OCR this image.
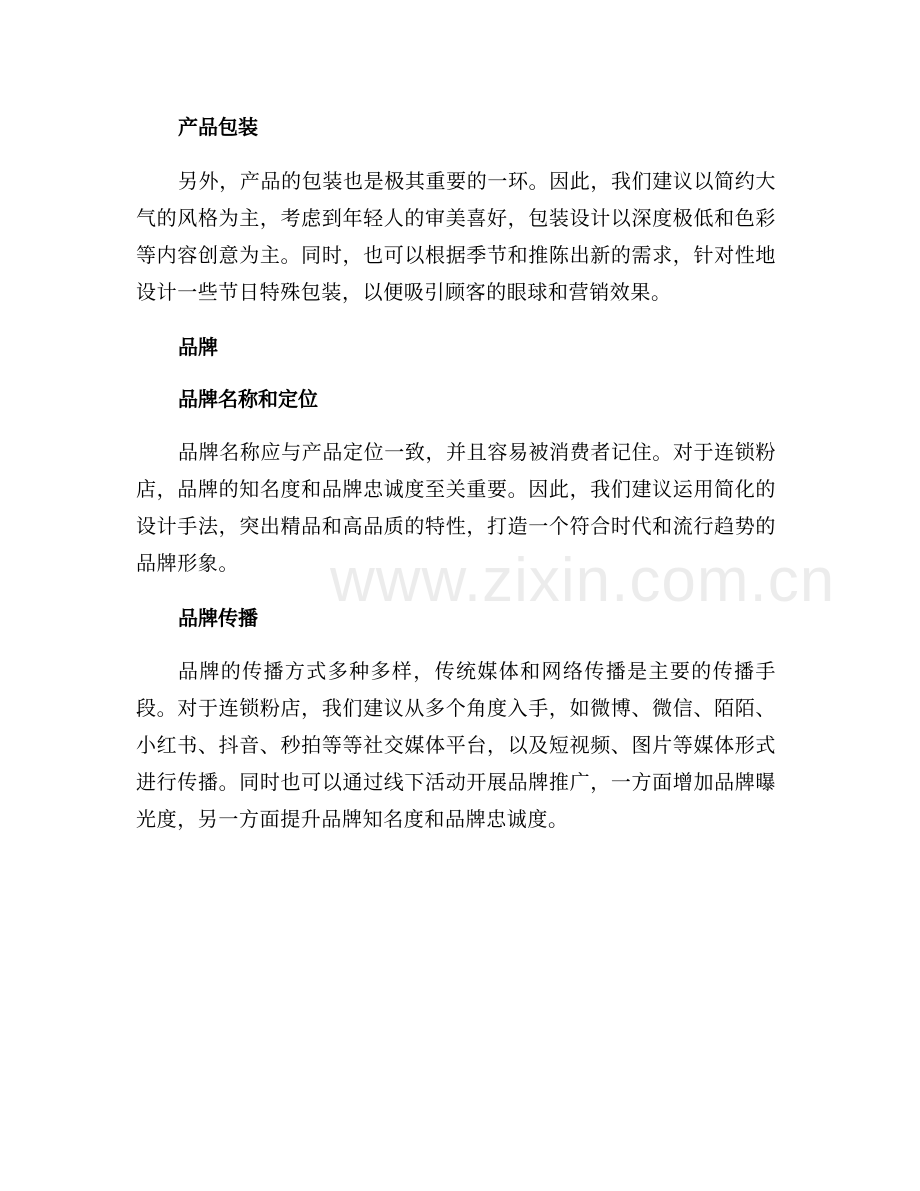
www.zixin.com.cn
产品包装

另外，产品的包装也是极其重要的一环。因此，我们建议以简约大气的风格为主，考虑到年轻人的审美喜好，包装设计以深度极低和色彩等内容创意为主。同时，也可以根据季节和推陈出新的需求，针对性地设计一些节日特殊包装，以便吸引顾客的眼球和营销效果。

品牌
品牌名称和定位

品牌名称应与产品定位一致，并且容易被消费者记住。对于连锁粉店，品牌的知名度和品牌忠诚度至关重要。因此，我们建议运用简化的设计手法，突出精品和高品质的特性，打造一个符合时代和流行趋势的品牌形象。

品牌传播

品牌的传播方式多种多样，传统媒体和网络传播是主要的传播手段。对于连锁粉店，我们建议从多个角度入手，如微博、微信、陌陌、小红书、抖音、秒拍等等社交媒体平台，以及短视频、图片等媒体形式进行传播。同时也可以通过线下活动开展品牌推广，一方面增加品牌曝光度，另一方面提升品牌知名度和品牌忠诚度。
